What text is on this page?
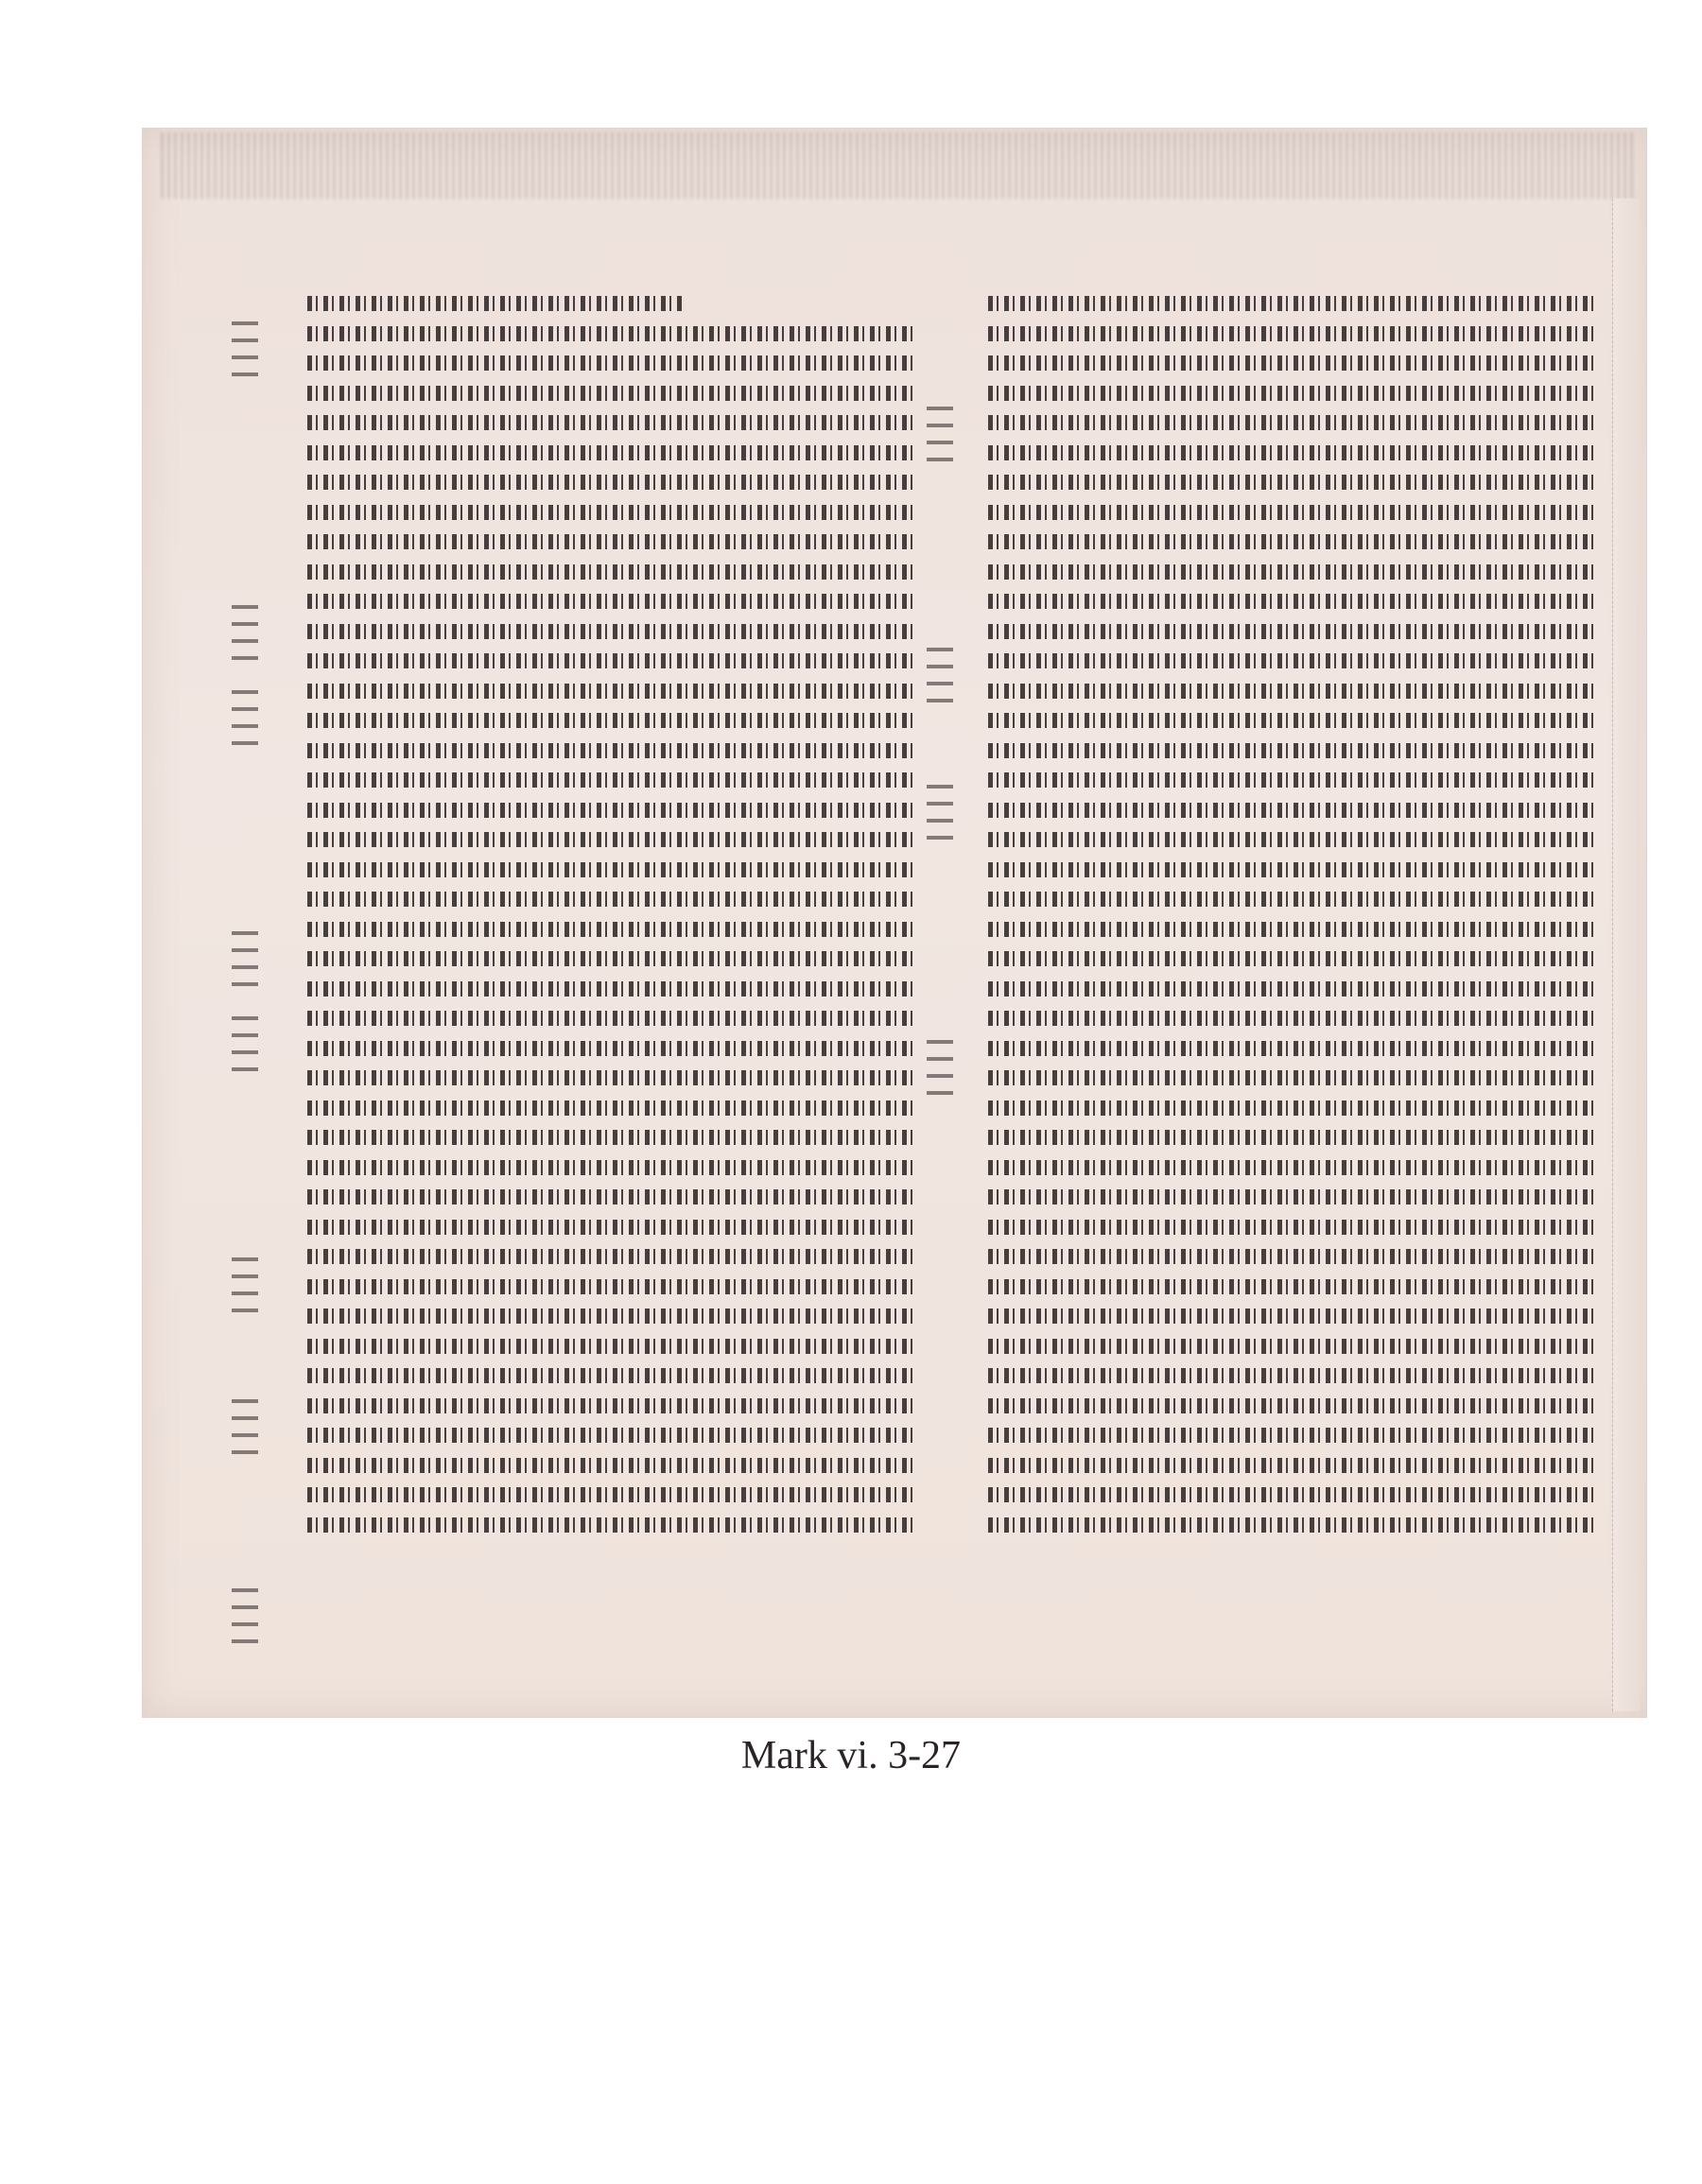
Mark vi. 3-27
